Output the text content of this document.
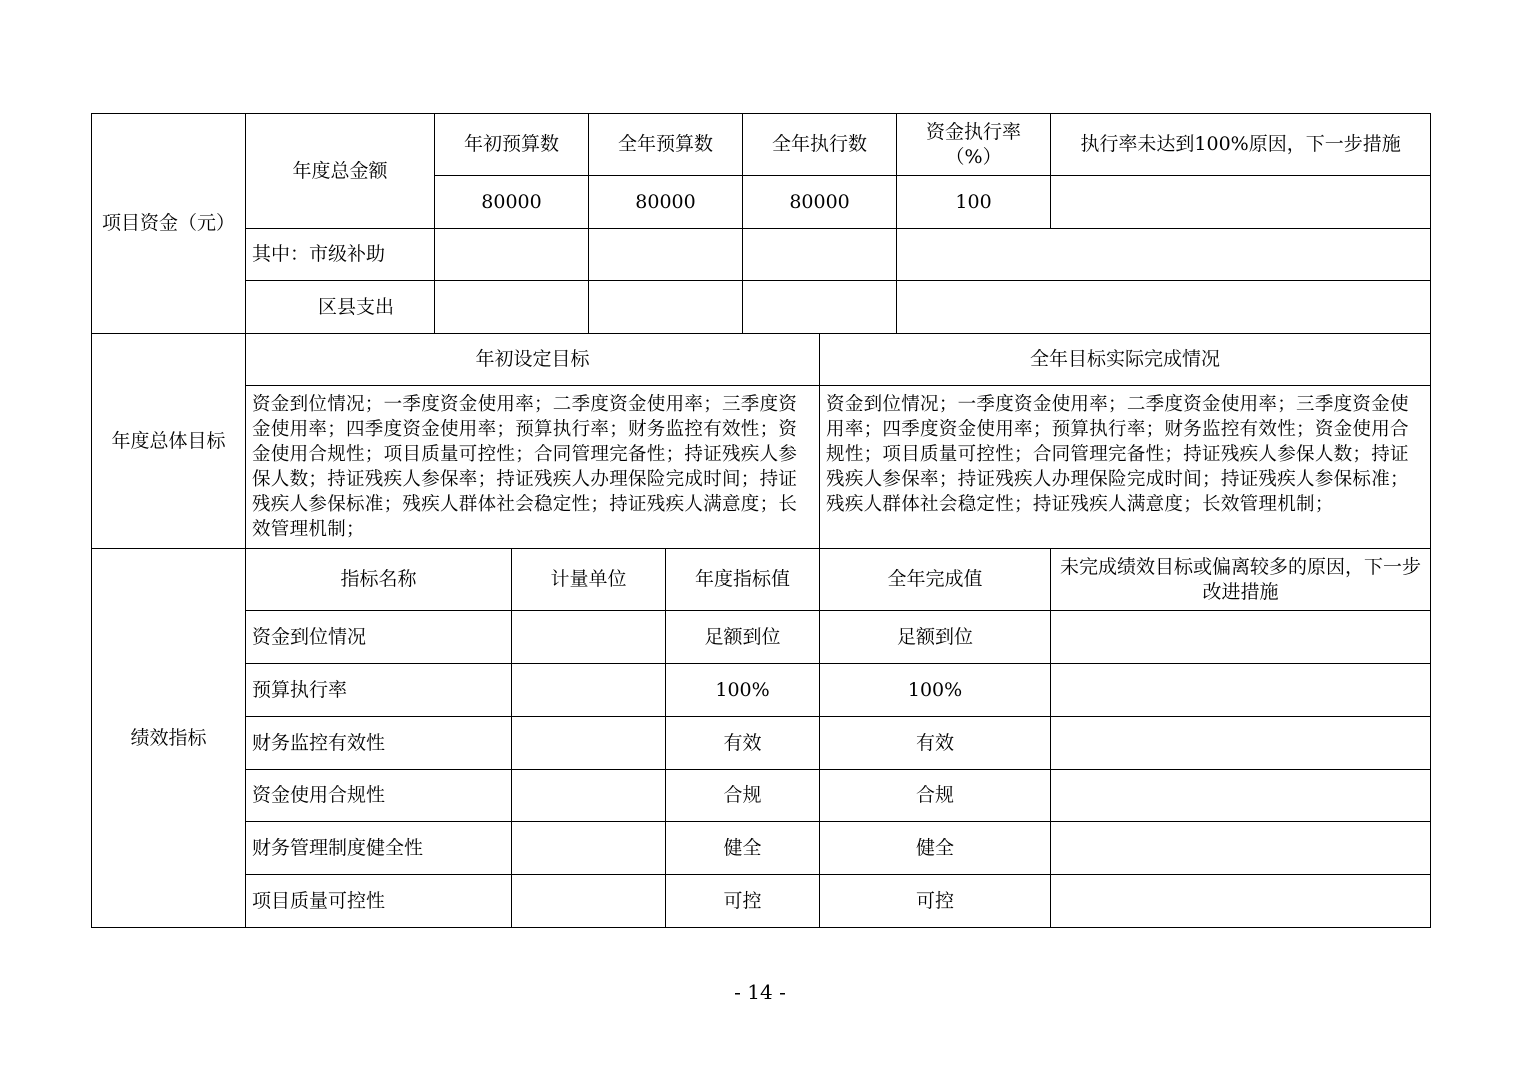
项目资金（元）	年度总金额	年初预算数		全年预算数		全年执行数		资金执行率（%）	执行率未达到100%原因，下一步措施
		80000		80000		80000		100	
	其中：市级补助								
	区县支出								
年度总体目标	年初设定目标						全年目标实际完成情况		
	资金到位情况；一季度资金使用率；二季度资金使用率；三季度资金使用率；四季度资金使用率；预算执行率；财务监控有效性；资金使用合规性；项目质量可控性；合同管理完备性；持证残疾人参保人数；持证残疾人参保率；持证残疾人办理保险完成时间；持证残疾人参保标准；残疾人群体社会稳定性；持证残疾人满意度；长效管理机制；						资金到位情况；一季度资金使用率；二季度资金使用率；三季度资金使用率；四季度资金使用率；预算执行率；财务监控有效性；资金使用合规性；项目质量可控性；合同管理完备性；持证残疾人参保人数；持证残疾人参保率；持证残疾人办理保险完成时间；持证残疾人参保标准；残疾人群体社会稳定性；持证残疾人满意度；长效管理机制；		
绩效指标	指标名称		计量单位		年度指标值		全年完成值		未完成绩效目标或偏离较多的原因，下一步改进措施
	资金到位情况				足额到位		足额到位		
	预算执行率				100%		100%		
	财务监控有效性				有效		有效		
	资金使用合规性				合规		合规		
	财务管理制度健全性				健全		健全		
	项目质量可控性				可控		可控		
- 14 -
